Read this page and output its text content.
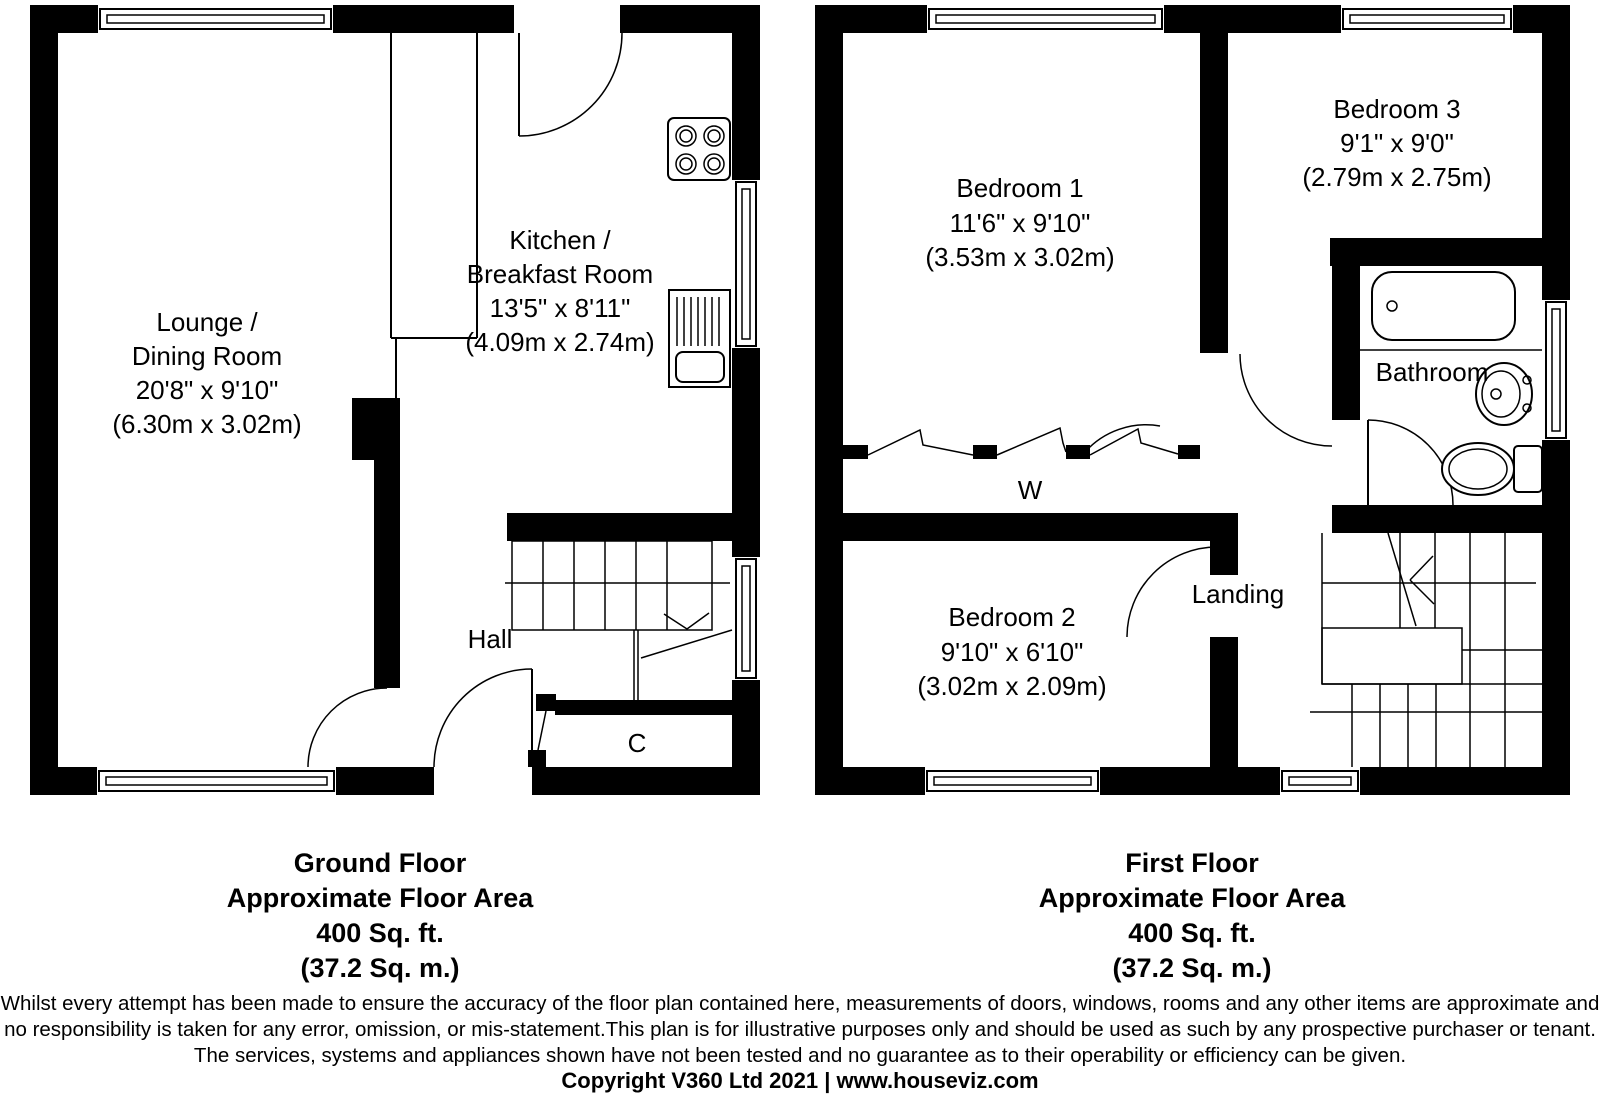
Lounge /
Dining Room
20'8" x 9'10"
(6.30m x 3.02m)
Kitchen /
Breakfast Room
13'5" x 8'11"
(4.09m x 2.74m)
Hall
C
Ground Floor
Approximate Floor Area
400 Sq. ft.
(37.2 Sq. m.)
Bedroom 1
11'6" x 9'10"
(3.53m x 3.02m)
Bedroom 3
9'1" x 9'0"
(2.79m x 2.75m)
Bedroom 2
9'10" x 6'10"
(3.02m x 2.09m)
Bathroom
Landing
W
First Floor
Approximate Floor Area
400 Sq. ft.
(37.2 Sq. m.)
Whilst every attempt has been made to ensure the accuracy of the floor plan contained here, measurements of doors, windows, rooms and any other items are approximate and
no responsibility is taken for any error, omission, or mis-statement.This plan is for illustrative purposes only and should be used as such by any prospective purchaser or tenant.
The services, systems and appliances shown have not been tested and no guarantee as to their operability or efficiency can be given.
Copyright V360 Ltd 2021 | www.houseviz.com
